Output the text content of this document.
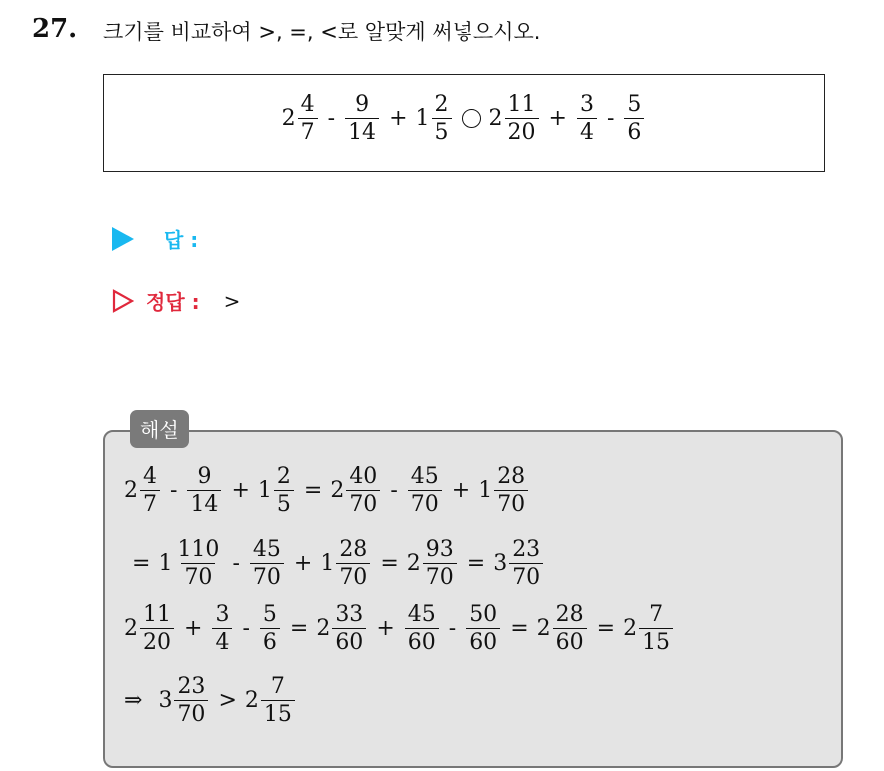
27. 크기를 비교하여 >, =, <로 알맞게 써넣으시오.
$2 \frac{4}{7} - \frac{9}{14} + 1 \frac{2}{5} 2 \frac{11}{20} + \frac{3}{4} - \frac{5}{6}$
답 :
정답 : >
해설
$2 \frac{4}{7} - \frac{9}{14} + 1 \frac{2}{5} = 2 \frac{40}{70} - \frac{45}{70} + 1 \frac{28}{70}$
= $1 \frac{110}{70} - \frac{45}{70} + 1 \frac{28}{70} = 2 \frac{93}{70} = 3 \frac{23}{70}$
$2 \frac{11}{20} + \frac{3}{4} - \frac{5}{6} = 2 \frac{33}{60} + \frac{45}{60} - \frac{50}{60} = 2 \frac{28}{60} = 2 \frac{7}{15}$
⇒ $3 \frac{23}{70} > 2 \frac{7}{15}$
